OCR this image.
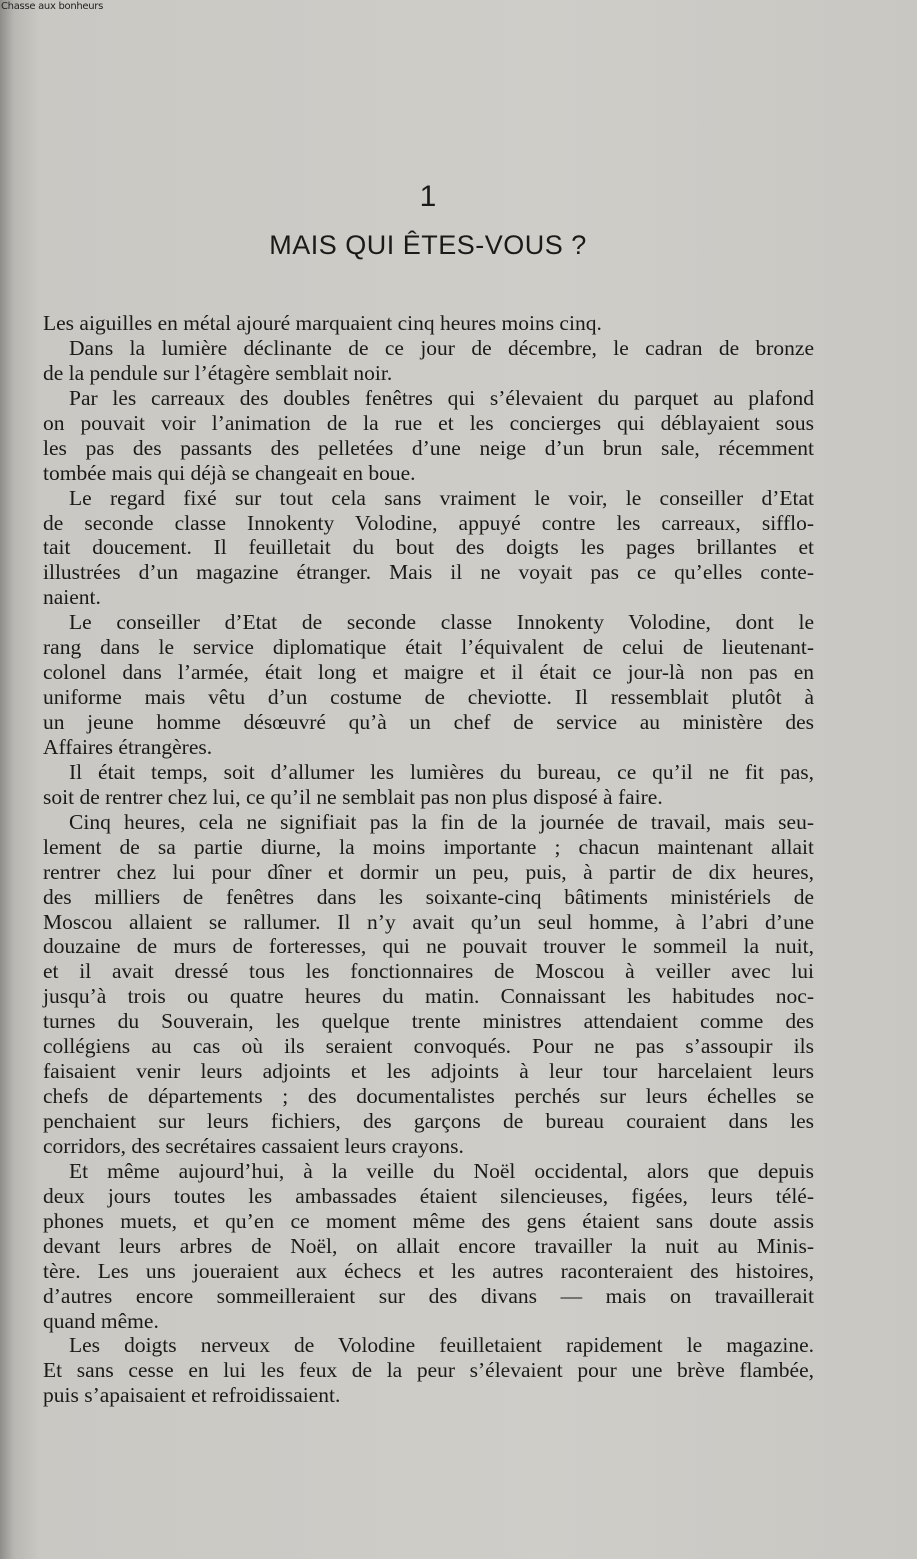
Chasse aux bonheurs
1
MAIS QUI ÊTES-VOUS ?
Les aiguilles en métal ajouré marquaient cinq heures moins cinq.
Dans la lumière déclinante de ce jour de décembre, le cadran de bronze
de la pendule sur l’étagère semblait noir.
Par les carreaux des doubles fenêtres qui s’élevaient du parquet au plafond
on pouvait voir l’animation de la rue et les concierges qui déblayaient sous
les pas des passants des pelletées d’une neige d’un brun sale, récemment
tombée mais qui déjà se changeait en boue.
Le regard fixé sur tout cela sans vraiment le voir, le conseiller d’Etat
de seconde classe Innokenty Volodine, appuyé contre les carreaux, sifflo-
tait doucement. Il feuilletait du bout des doigts les pages brillantes et
illustrées d’un magazine étranger. Mais il ne voyait pas ce qu’elles conte-
naient.
Le conseiller d’Etat de seconde classe Innokenty Volodine, dont le
rang dans le service diplomatique était l’équivalent de celui de lieutenant-
colonel dans l’armée, était long et maigre et il était ce jour-là non pas en
uniforme mais vêtu d’un costume de cheviotte. Il ressemblait plutôt à
un jeune homme désœuvré qu’à un chef de service au ministère des
Affaires étrangères.
Il était temps, soit d’allumer les lumières du bureau, ce qu’il ne fit pas,
soit de rentrer chez lui, ce qu’il ne semblait pas non plus disposé à faire.
Cinq heures, cela ne signifiait pas la fin de la journée de travail, mais seu-
lement de sa partie diurne, la moins importante ; chacun maintenant allait
rentrer chez lui pour dîner et dormir un peu, puis, à partir de dix heures,
des milliers de fenêtres dans les soixante-cinq bâtiments ministériels de
Moscou allaient se rallumer. Il n’y avait qu’un seul homme, à l’abri d’une
douzaine de murs de forteresses, qui ne pouvait trouver le sommeil la nuit,
et il avait dressé tous les fonctionnaires de Moscou à veiller avec lui
jusqu’à trois ou quatre heures du matin. Connaissant les habitudes noc-
turnes du Souverain, les quelque trente ministres attendaient comme des
collégiens au cas où ils seraient convoqués. Pour ne pas s’assoupir ils
faisaient venir leurs adjoints et les adjoints à leur tour harcelaient leurs
chefs de départements ; des documentalistes perchés sur leurs échelles se
penchaient sur leurs fichiers, des garçons de bureau couraient dans les
corridors, des secrétaires cassaient leurs crayons.
Et même aujourd’hui, à la veille du Noël occidental, alors que depuis
deux jours toutes les ambassades étaient silencieuses, figées, leurs télé-
phones muets, et qu’en ce moment même des gens étaient sans doute assis
devant leurs arbres de Noël, on allait encore travailler la nuit au Minis-
tère. Les uns joueraient aux échecs et les autres raconteraient des histoires,
d’autres encore sommeilleraient sur des divans — mais on travaillerait
quand même.
Les doigts nerveux de Volodine feuilletaient rapidement le magazine.
Et sans cesse en lui les feux de la peur s’élevaient pour une brève flambée,
puis s’apaisaient et refroidissaient.
